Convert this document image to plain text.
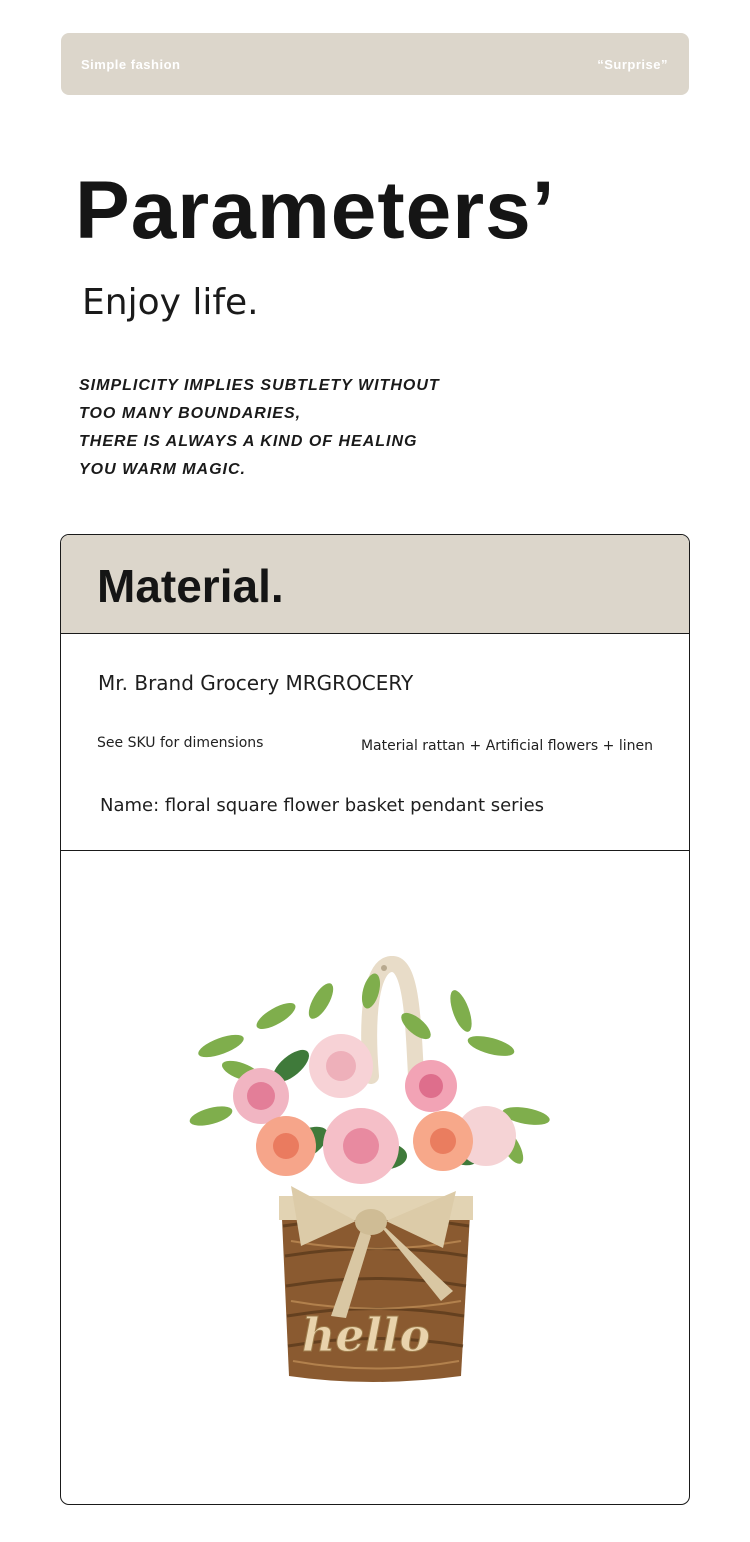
Simple fashion	“Surprise”
Parameters’
Enjoy life.
SIMPLICITY IMPLIES SUBTLETY WITHOUT
TOO MANY BOUNDARIES,
THERE IS ALWAYS A KIND OF HEALING
YOU WARM MAGIC.
Material.
Mr. Brand Grocery MRGROCERY
See SKU for dimensions	Material rattan + Artificial flowers + linen
Name: floral square flower basket pendant series
hello
